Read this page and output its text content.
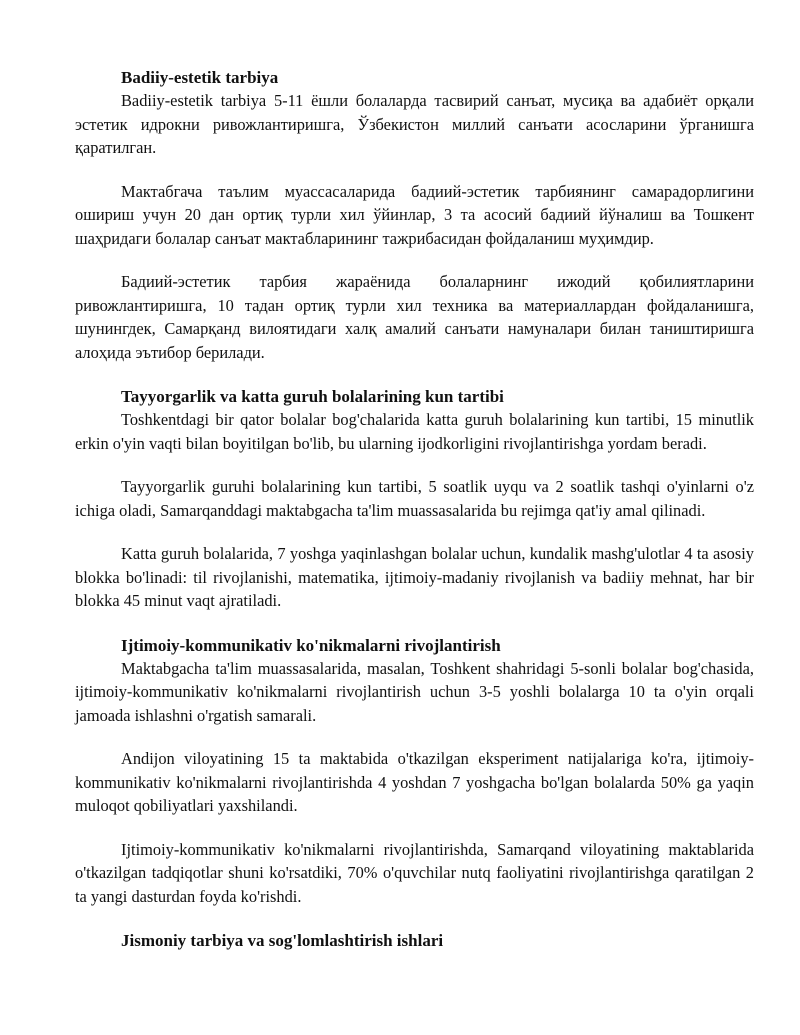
Badiiy-estetik tarbiya

Badiiy-estetik tarbiya 5-11 ёшли болаларда тасвирий санъат, мусиқа ва адабиёт орқали эстетик идрокни ривожлантиришга, Ўзбекистон миллий санъати асосларини ўрганишга қаратилган.

Мактабгача таълим муассасаларида бадиий-эстетик тарбиянинг самарадорлигини ошириш учун 20 дан ортиқ турли хил ўйинлар, 3 та асосий бадиий йўналиш ва Тошкент шаҳридаги болалар санъат мактабларининг тажрибасидан фойдаланиш муҳимдир.

Бадиий-эстетик тарбия жараёнида болаларнинг ижодий қобилиятларини ривожлантиришга, 10 тадан ортиқ турли хил техника ва материаллардан фойдаланишга, шунингдек, Самарқанд вилоятидаги халқ амалий санъати намуналари билан таништиришга алоҳида эътибор берилади.

Tayyorgarlik va katta guruh bolalarining kun tartibi

Toshkentdagi bir qator bolalar bog'chalarida katta guruh bolalarining kun tartibi, 15 minutlik erkin o'yin vaqti bilan boyitilgan bo'lib, bu ularning ijodkorligini rivojlantirishga yordam beradi.

Tayyorgarlik guruhi bolalarining kun tartibi, 5 soatlik uyqu va 2 soatlik tashqi o'yinlarni o'z ichiga oladi, Samarqanddagi maktabgacha ta'lim muassasalarida bu rejimga qat'iy amal qilinadi.

Katta guruh bolalarida, 7 yoshga yaqinlashgan bolalar uchun, kundalik mashg'ulotlar 4 ta asosiy blokka bo'linadi: til rivojlanishi, matematika, ijtimoiy-madaniy rivojlanish va badiiy mehnat, har bir blokka 45 minut vaqt ajratiladi.

Ijtimoiy-kommunikativ ko'nikmalarni rivojlantirish

Maktabgacha ta'lim muassasalarida, masalan, Toshkent shahridagi 5-sonli bolalar bog'chasida, ijtimoiy-kommunikativ ko'nikmalarni rivojlantirish uchun 3-5 yoshli bolalarga 10 ta o'yin orqali jamoada ishlashni o'rgatish samarali.

Andijon viloyatining 15 ta maktabida o'tkazilgan eksperiment natijalariga ko'ra, ijtimoiy-kommunikativ ko'nikmalarni rivojlantirishda 4 yoshdan 7 yoshgacha bo'lgan bolalarda 50% ga yaqin muloqot qobiliyatlari yaxshilandi.

Ijtimoiy-kommunikativ ko'nikmalarni rivojlantirishda, Samarqand viloyatining maktablarida o'tkazilgan tadqiqotlar shuni ko'rsatdiki, 70% o'quvchilar nutq faoliyatini rivojlantirishga qaratilgan 2 ta yangi dasturdan foyda ko'rishdi.

Jismoniy tarbiya va sog'lomlashtirish ishlari
